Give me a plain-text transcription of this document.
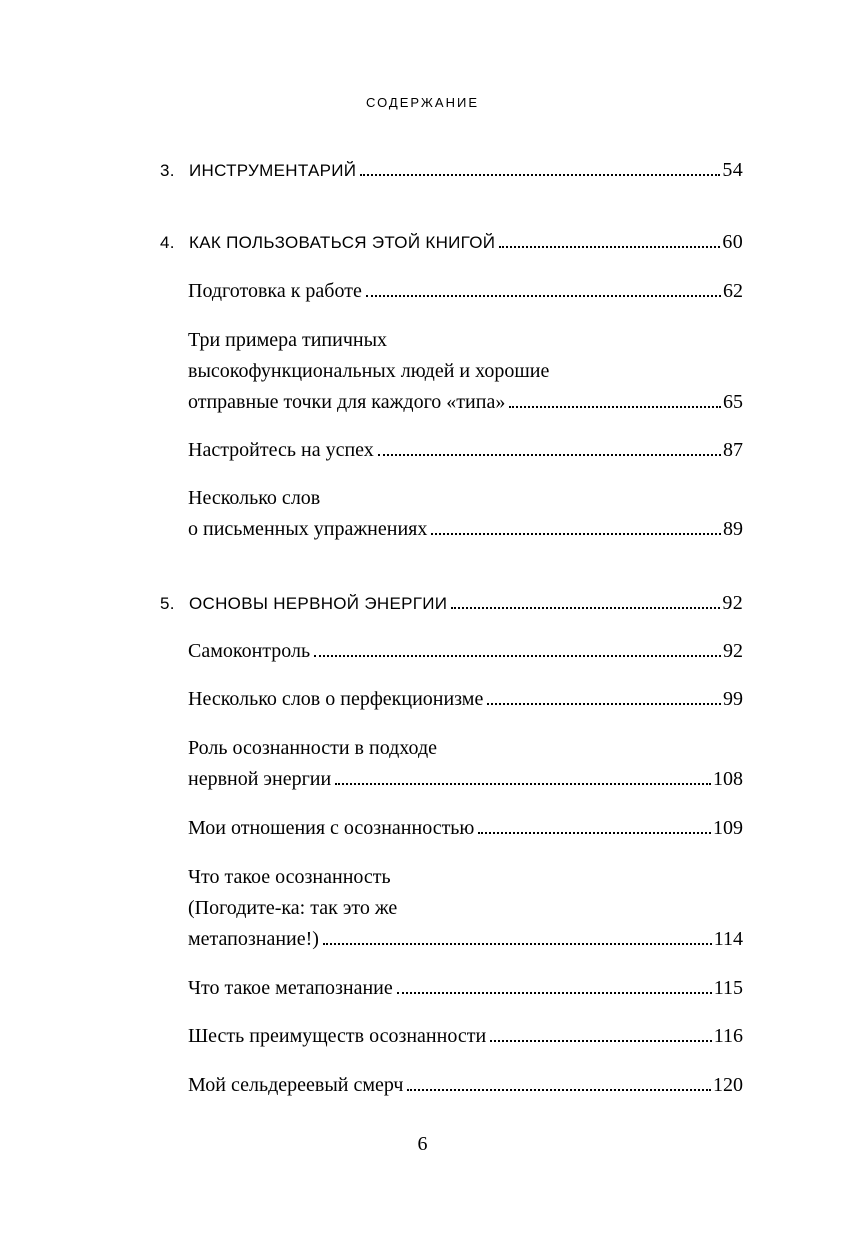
СОДЕРЖАНИЕ
3. ИНСТРУМЕНТАРИЙ	54
4. КАК ПОЛЬЗОВАТЬСЯ ЭТОЙ КНИГОЙ	60
Подготовка к работе	62
Три примера типичных
высокофункциональных людей и хорошие
отправные точки для каждого «типа»	65
Настройтесь на успех	87
Несколько слов
о письменных упражнениях	89
5. ОСНОВЫ НЕРВНОЙ ЭНЕРГИИ	92
Самоконтроль	92
Несколько слов о перфекционизме	99
Роль осознанности в подходе
нервной энергии	108
Мои отношения с осознанностью	109
Что такое осознанность
(Погодите-ка: так это же
метапознание!)	114
Что такое метапознание	115
Шесть преимуществ осознанности	116
Мой сельдереевый смерч	120
6
